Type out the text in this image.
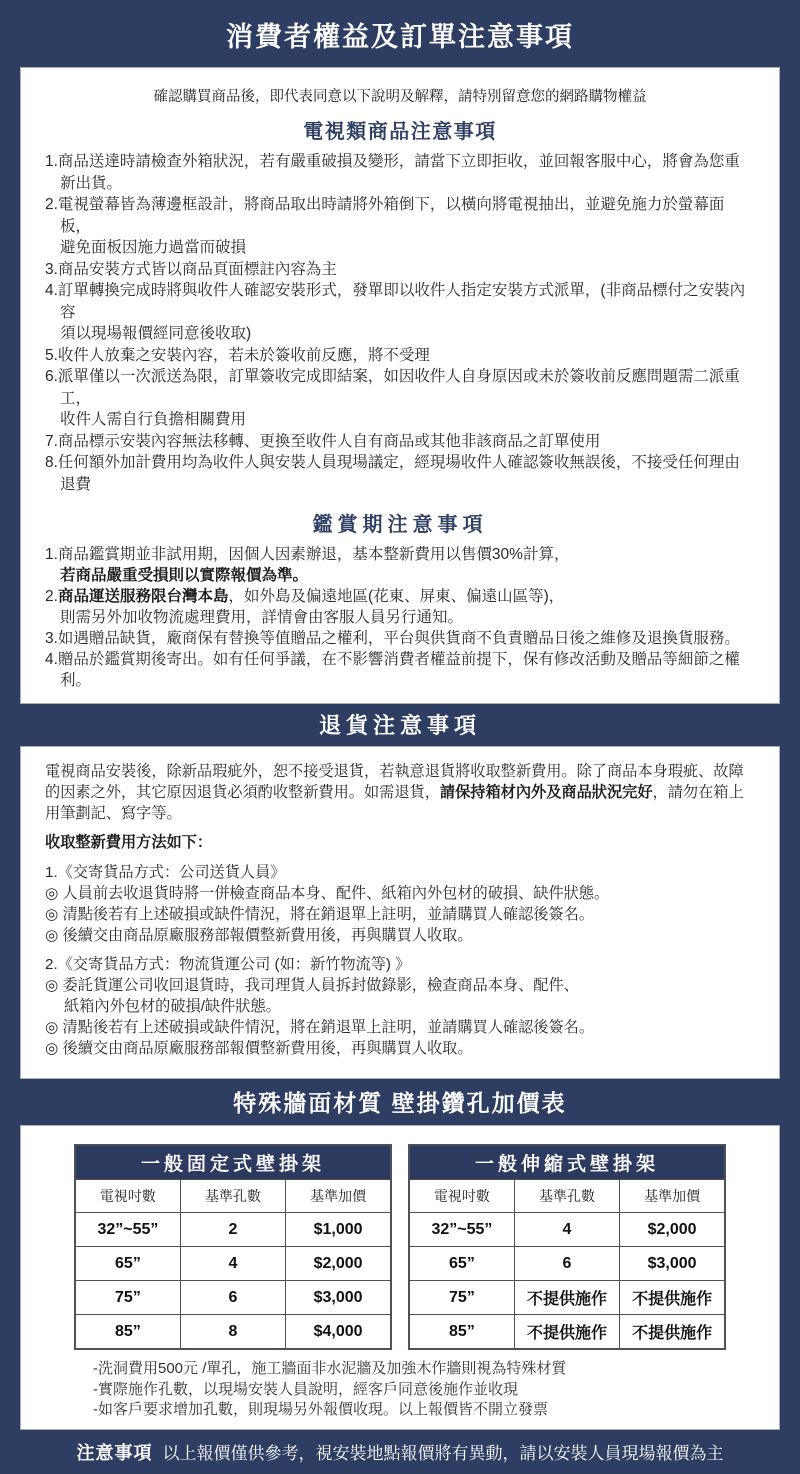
消費者權益及訂單注意事項
確認購買商品後，即代表同意以下說明及解釋，請特別留意您的網路購物權益
電視類商品注意事項
1.商品送達時請檢查外箱狀況，若有嚴重破損及變形，請當下立即拒收，並回報客服中心，將會為您重新出貨。
2.電視螢幕皆為薄邊框設計，將商品取出時請將外箱倒下，以橫向將電視抽出，並避免施力於螢幕面板，
避免面板因施力過當而破損
3.商品安裝方式皆以商品頁面標註內容為主
4.訂單轉換完成時將與收件人確認安裝形式，發單即以收件人指定安裝方式派單，(非商品標付之安裝內容
須以現場報價經同意後收取)
5.收件人放棄之安裝內容，若未於簽收前反應，將不受理
6.派單僅以一次派送為限，訂單簽收完成即結案，如因收件人自身原因或未於簽收前反應問題需二派重工，
收件人需自行負擔相關費用
7.商品標示安裝內容無法移轉、更換至收件人自有商品或其他非該商品之訂單使用
8.任何額外加計費用均為收件人與安裝人員現場議定，經現場收件人確認簽收無誤後，不接受任何理由退費
鑑賞期注意事項
1.商品鑑賞期並非試用期，因個人因素辦退，基本整新費用以售價30%計算，
若商品嚴重受損則以實際報價為準。
2.商品運送服務限台灣本島，如外島及偏遠地區(花東、屏東、偏遠山區等)，
則需另外加收物流處理費用，詳情會由客服人員另行通知。
3.如遇贈品缺貨，廠商保有替換等值贈品之權利，平台與供貨商不負責贈品日後之維修及退換貨服務。
4.贈品於鑑賞期後寄出。如有任何爭議，在不影響消費者權益前提下，保有修改活動及贈品等細節之權利。
退貨注意事項
電視商品安裝後，除新品瑕疵外，恕不接受退貨，若執意退貨將收取整新費用。除了商品本身瑕疵、故障的因素之外，其它原因退貨必須酌收整新費用。如需退貨，請保持箱材內外及商品狀況完好，請勿在箱上用筆劃記、寫字等。
收取整新費用方法如下：
1.《交寄貨品方式：公司送貨人員》
◎ 人員前去收退貨時將一併檢查商品本身、配件、紙箱內外包材的破損、缺件狀態。
◎ 清點後若有上述破損或缺件情況，將在銷退單上註明，並請購買人確認後簽名。
◎ 後續交由商品原廠服務部報價整新費用後，再與購買人收取。
2.《交寄貨品方式：物流貨運公司 (如：新竹物流等) 》
◎ 委託貨運公司收回退貨時，我司理貨人員拆封做錄影，檢查商品本身、配件、
紙箱內外包材的破損/缺件狀態。
◎ 清點後若有上述破損或缺件情況，將在銷退單上註明，並請購買人確認後簽名。
◎ 後續交由商品原廠服務部報價整新費用後，再與購買人收取。
特殊牆面材質 壁掛鑽孔加價表
一般固定式壁掛架		
電視吋數	基準孔數	基準加價
32”~55”	2	$1,000
65”	4	$2,000
75”	6	$3,000
85”	8	$4,000
一般伸縮式壁掛架		
電視吋數	基準孔數	基準加價
32”~55”	4	$2,000
65”	6	$3,000
75”	不提供施作	不提供施作
85”	不提供施作	不提供施作
-洗洞費用500元 /單孔，施工牆面非水泥牆及加強木作牆則視為特殊材質
-實際施作孔數，以現場安裝人員說明，經客戶同意後施作並收現
-如客戶要求增加孔數，則現場另外報價收現。以上報價皆不開立發票
注意事項 以上報價僅供參考，視安裝地點報價將有異動，請以安裝人員現場報價為主
